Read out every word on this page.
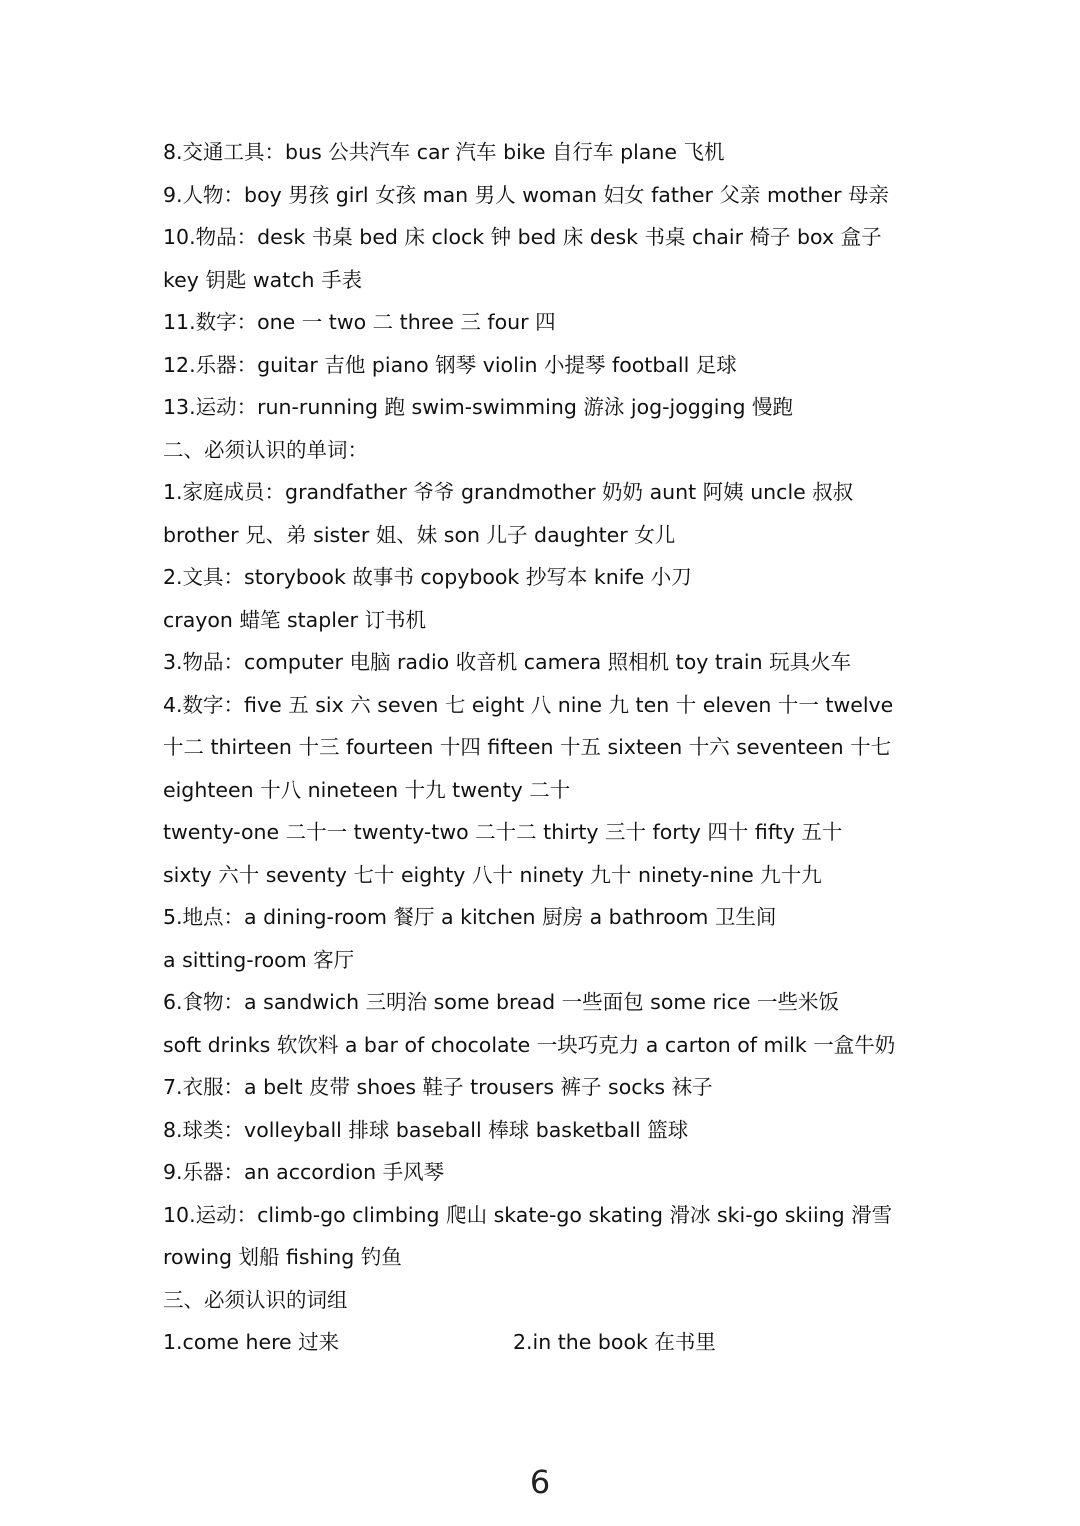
8.交通工具：bus 公共汽车 car 汽车 bike 自行车 plane 飞机
9.人物：boy 男孩 girl 女孩 man 男人 woman 妇女 father 父亲 mother 母亲
10.物品：desk 书桌 bed 床 clock 钟 bed 床 desk 书桌 chair 椅子 box 盒子
key 钥匙 watch 手表
11.数字：one 一 two 二 three 三 four 四
12.乐器：guitar 吉他 piano 钢琴 violin 小提琴 football 足球
13.运动：run-running 跑 swim-swimming 游泳 jog-jogging 慢跑
二、必须认识的单词：
1.家庭成员：grandfather 爷爷 grandmother 奶奶 aunt 阿姨 uncle 叔叔
brother 兄、弟 sister 姐、妹 son 儿子 daughter 女儿
2.文具：storybook 故事书 copybook 抄写本 knife 小刀
crayon 蜡笔 stapler 订书机
3.物品：computer 电脑 radio 收音机 camera 照相机 toy train 玩具火车
4.数字：five 五 six 六 seven 七 eight 八 nine 九 ten 十 eleven 十一 twelve
十二 thirteen 十三 fourteen 十四 fifteen 十五 sixteen 十六 seventeen 十七
eighteen 十八 nineteen 十九 twenty 二十
twenty-one 二十一 twenty-two 二十二 thirty 三十 forty 四十 fifty 五十
sixty 六十 seventy 七十 eighty 八十 ninety 九十 ninety-nine 九十九
5.地点：a dining-room 餐厅 a kitchen 厨房 a bathroom 卫生间
a sitting-room 客厅
6.食物：a sandwich 三明治 some bread 一些面包 some rice 一些米饭
soft drinks 软饮料 a bar of chocolate 一块巧克力 a carton of milk 一盒牛奶
7.衣服：a belt 皮带 shoes 鞋子 trousers 裤子 socks 袜子
8.球类：volleyball 排球 baseball 棒球 basketball 篮球
9.乐器：an accordion 手风琴
10.运动：climb-go climbing 爬山 skate-go skating 滑冰 ski-go skiing 滑雪
rowing 划船 fishing 钓鱼
三、必须认识的词组
1.come here 过来	2.in the book 在书里
6
